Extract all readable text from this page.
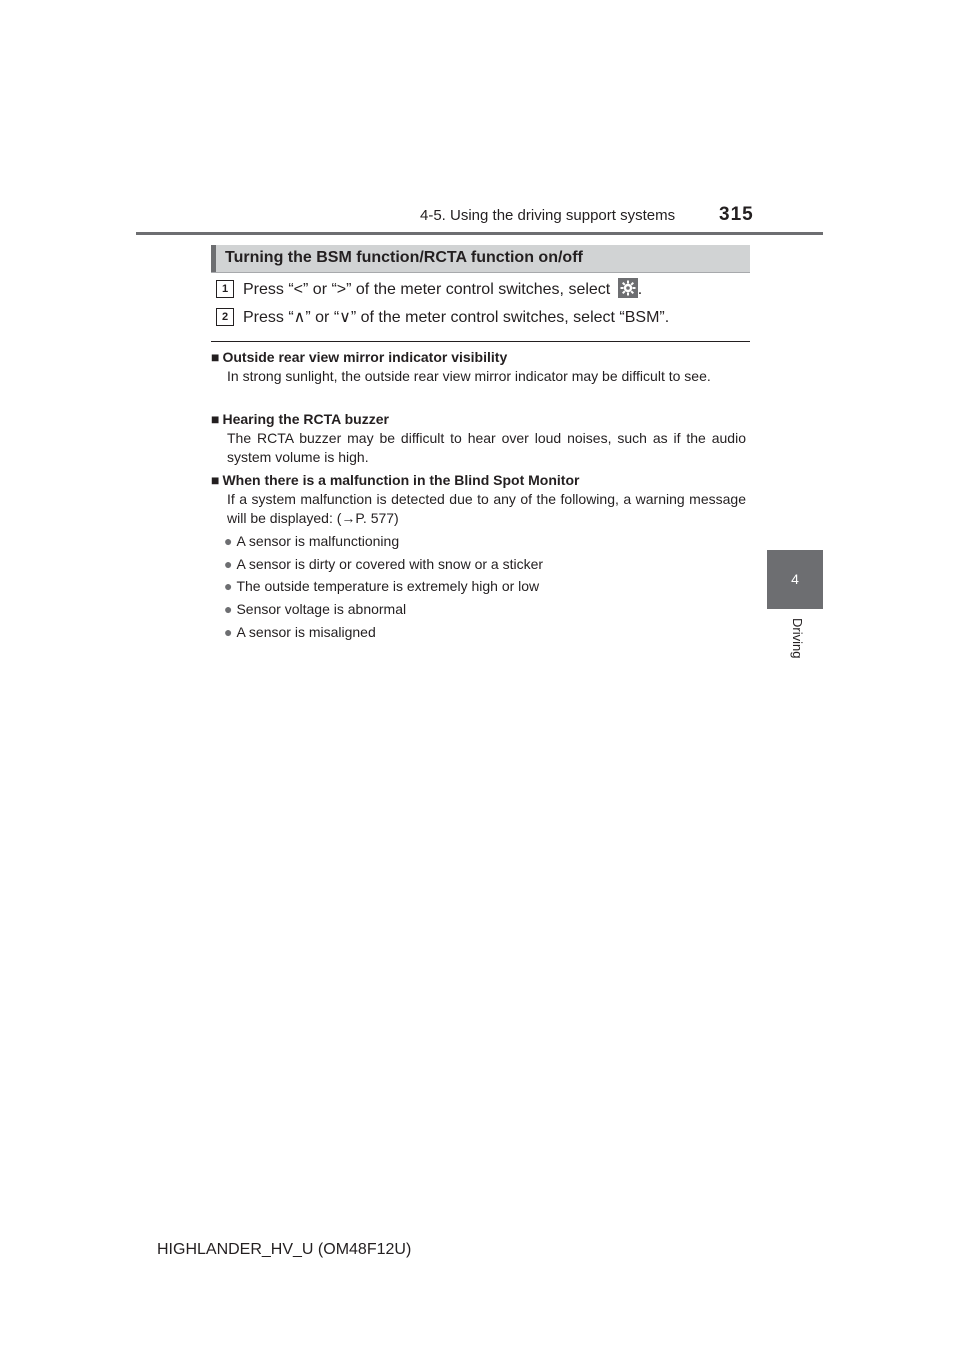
4-5. Using the driving support systems 315
4
Driving
Turning the BSM function/RCTA function on/off
1 Press “<” or “>” of the meter control switches, select .
2 Press “∧” or “∨” of the meter control switches, select “BSM”.
■ Outside rear view mirror indicator visibility
In strong sunlight, the outside rear view mirror indicator may be difficult to see.
■ Hearing the RCTA buzzer
The RCTA buzzer may be difficult to hear over loud noises, such as if the audio system volume is high.
■ When there is a malfunction in the Blind Spot Monitor
If a system malfunction is detected due to any of the following, a warning message will be displayed: (→P. 577)
● A sensor is malfunctioning
● A sensor is dirty or covered with snow or a sticker
● The outside temperature is extremely high or low
● Sensor voltage is abnormal
● A sensor is misaligned
HIGHLANDER_HV_U (OM48F12U)
